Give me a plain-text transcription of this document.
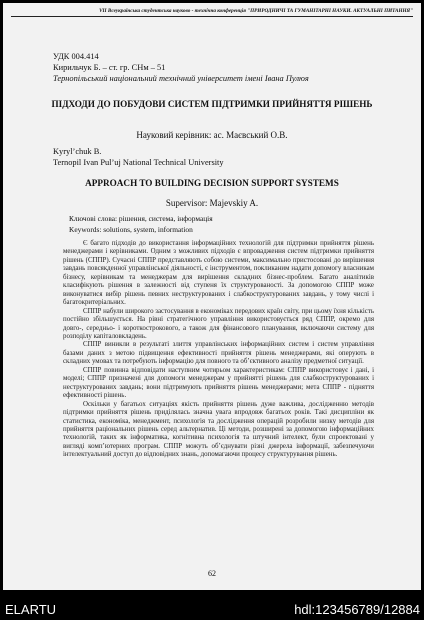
VII Всеукраїнська студентська науково - технічна конференція "ПРИРОДНИЧІ ТА ГУМАНІТАРНІ НАУКИ. АКТУАЛЬНІ ПИТАННЯ"
УДК 004.414
Кирильчук Б. – ст. гр. СНм – 51
Тернопільський національний технічний університет імені Івана Пулюя
ПІДХОДИ ДО ПОБУДОВИ СИСТЕМ ПІДТРИМКИ ПРИЙНЯТТЯ РІШЕНЬ
Науковий керівник: ас. Маєвський О.В.
Kyryl’chuk B.
Ternopil Ivan Pul’uj National Technical University
APPROACH TO BUILDING DECISION SUPPORT SYSTEMS
Supervisor: Majevskiy A.
Ключові слова: рішення, система, інформація
Keywords: solutions, system, information

Є багато підходів до використання інформаційних технологій для підтримки прийняття рішень менеджерами і керівниками. Одним з можливих підходів є впровадження систем підтримки прийняття рішень (СППР). Сучасні СППР представляють собою системи, максимально пристосовані до вирішення завдань повсякденної управлінської діяльності, є інструментом, покликаним надати допомогу власникам бізнесу, керівникам та менеджерам для вирішення складних бізнес-проблем. Багато аналітиків класифікують рішення в залежності від ступеня їх структурованості. За допомогою СППР може виконуватися вибір рішень певних неструктурованих і слабкоструктурованих завдань, у тому числі і багатокритеріальних.

СППР набули широкого застосування в економіках передових країн світу, при цьому їхня кількість постійно збільшується. На рівні стратегічного управління використовується ряд СППР, окремо для довго-, середньо- і короткострокового, а також для фінансового планування, включаючи систему для розподілу капіталовкладень.

СППР виникли в результаті злиття управлінських інформаційних систем і систем управління базами даних з метою підвищення ефективності прийняття рішень менеджерами, які оперують в складних умовах та потребують інформацію для повного та об’єктивного аналізу предметної ситуації.

СППР повинна відповідати наступним чотирьом характеристикам: СППР використовує і дані, і моделі; СППР призначені для допомоги менеджерам у прийнятті рішень для слабкоструктурованих і неструктурованих завдань; вони підтримують прийняття рішень менеджерами; мета СППР - підняття ефективності рішень.

Оскільки у багатьох ситуаціях якість прийняття рішень дуже важлива, дослідженню методів підтримки прийняття рішень приділялась значна увага впродовж багатьох років. Такі дисципліни як статистика, економіка, менеджмент, психологія та дослідження операцій розробили низку методів для прийняття раціональних рішень серед альтернатив. Ці методи, розширені за допомогою інформаційних технологій, таких як інформатика, когнітивна психологія та штучний інтелект, були спроектовані у вигляді комп’ютерних програм. СППР можуть об’єднувати різні джерела інформації, забезпечуючи інтелектуальний доступ до відповідних знань, допомагаючи процесу структурування рішень.

62
ELARTU	hdl:123456789/12884
